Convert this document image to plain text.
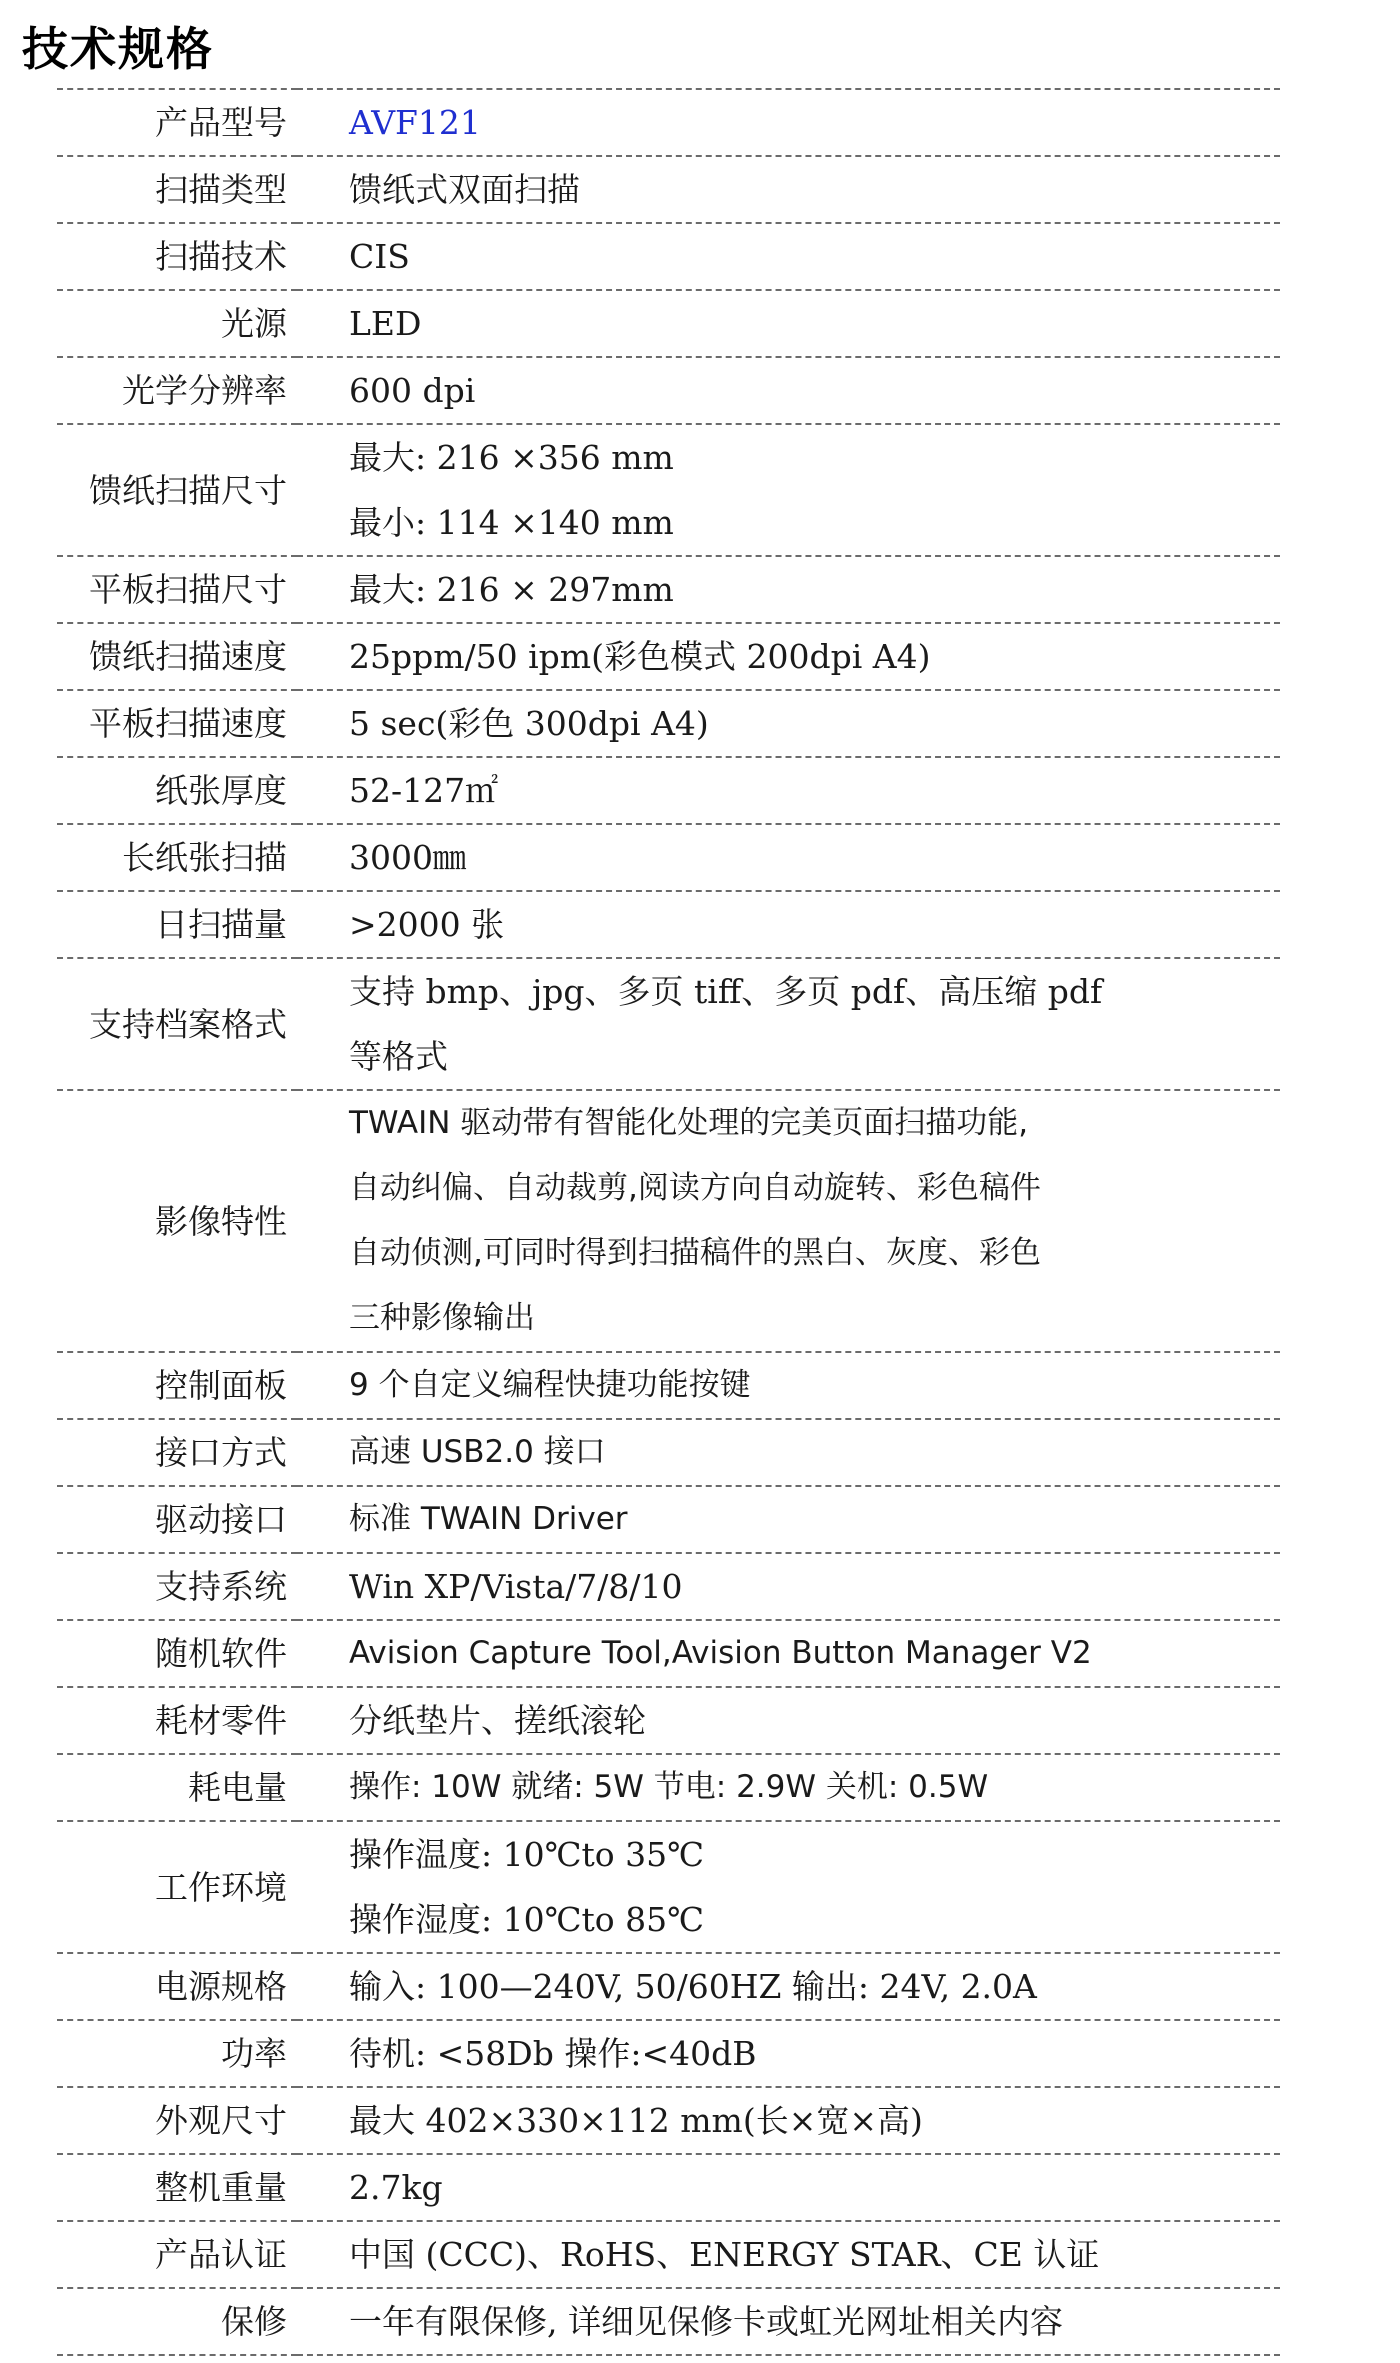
技术规格
产品型号	AVF121

扫描类型	馈纸式双面扫描

扫描技术	CIS

光源	LED

光学分辨率	600 dpi

馈纸扫描尺寸	最大: 216 ×356 mm
最小: 114 ×140 mm

平板扫描尺寸	最大: 216 × 297mm

馈纸扫描速度	25ppm/50 ipm(彩色模式 200dpi A4)

平板扫描速度	5 sec(彩色 300dpi A4)

纸张厚度	52-127㎡

长纸张扫描	3000㎜

日扫描量	>2000 张

支持档案格式	支持 bmp、jpg、多页 tiff、多页 pdf、高压缩 pdf
等格式

影像特性	TWAIN 驱动带有智能化处理的完美页面扫描功能,
自动纠偏、自动裁剪,阅读方向自动旋转、彩色稿件
自动侦测,可同时得到扫描稿件的黑白、灰度、彩色
三种影像输出

控制面板	9 个自定义编程快捷功能按键

接口方式	高速 USB2.0 接口

驱动接口	标准 TWAIN Driver

支持系统	Win XP/Vista/7/8/10

随机软件	Avision Capture Tool,Avision Button Manager V2

耗材零件	分纸垫片、搓纸滚轮

耗电量	操作: 10W 就绪: 5W 节电: 2.9W 关机: 0.5W

工作环境	操作温度: 10℃to 35℃
操作湿度: 10℃to 85℃

电源规格	输入: 100—240V, 50/60HZ 输出: 24V, 2.0A

功率	待机: <58Db 操作:<40dB

外观尺寸	最大 402×330×112 mm(长×宽×高)

整机重量	2.7kg

产品认证	中国 (CCC)、RoHS、ENERGY STAR、CE 认证

保修	一年有限保修, 详细见保修卡或虹光网址相关内容
